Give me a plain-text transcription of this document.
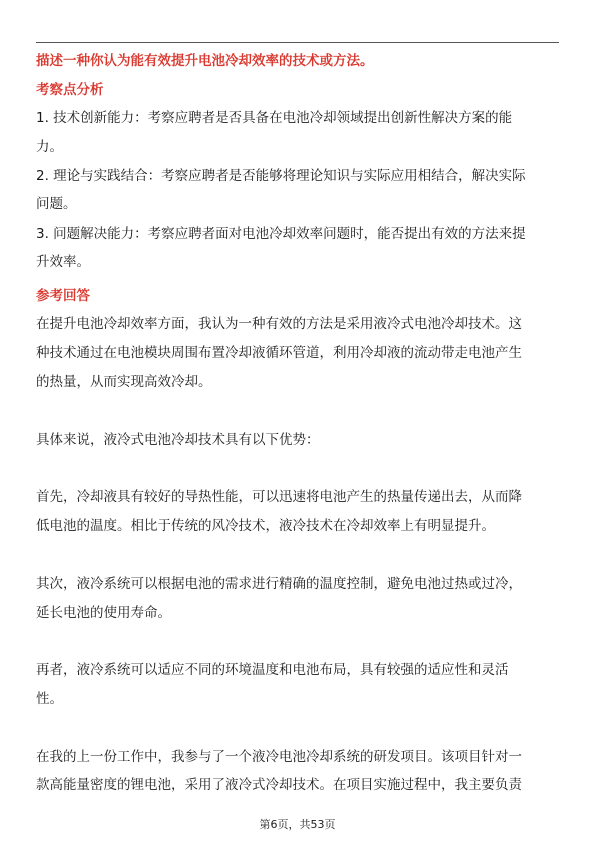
描述一种你认为能有效提升电池冷却效率的技术或方法。
考察点分析
1. 技术创新能力：考察应聘者是否具备在电池冷却领域提出创新性解决方案的能
力。
2. 理论与实践结合：考察应聘者是否能够将理论知识与实际应用相结合，解决实际
问题。
3. 问题解决能力：考察应聘者面对电池冷却效率问题时，能否提出有效的方法来提
升效率。
参考回答
在提升电池冷却效率方面，我认为一种有效的方法是采用液冷式电池冷却技术。这
种技术通过在电池模块周围布置冷却液循环管道，利用冷却液的流动带走电池产生
的热量，从而实现高效冷却。
具体来说，液冷式电池冷却技术具有以下优势：
首先，冷却液具有较好的导热性能，可以迅速将电池产生的热量传递出去，从而降
低电池的温度。相比于传统的风冷技术，液冷技术在冷却效率上有明显提升。
其次，液冷系统可以根据电池的需求进行精确的温度控制，避免电池过热或过冷，
延长电池的使用寿命。
再者，液冷系统可以适应不同的环境温度和电池布局，具有较强的适应性和灵活
性。
在我的上一份工作中，我参与了一个液冷电池冷却系统的研发项目。该项目针对一
款高能量密度的锂电池，采用了液冷式冷却技术。在项目实施过程中，我主要负责
第6页，共53页
